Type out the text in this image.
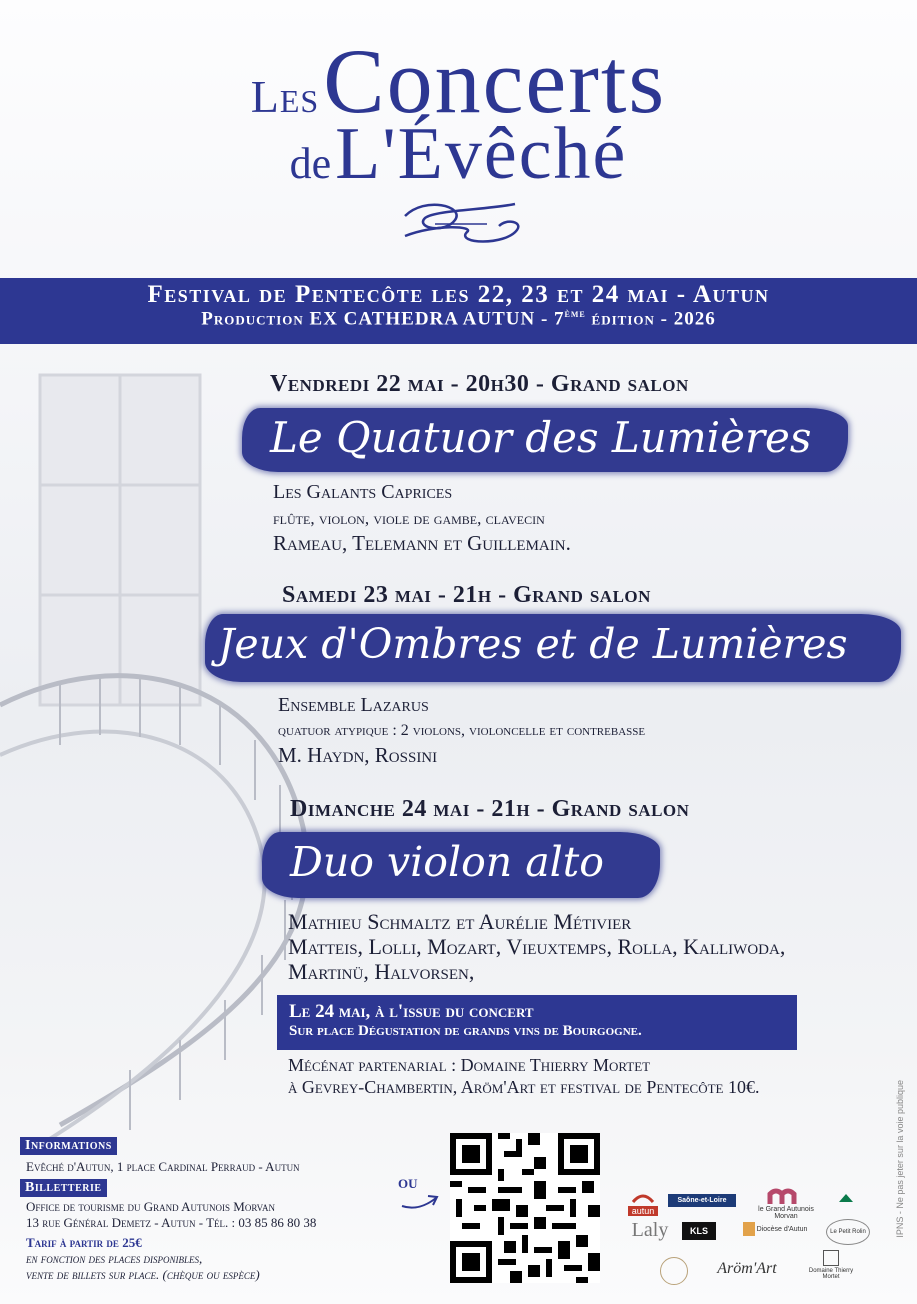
Les Concerts
de L'Évêché
Festival de Pentecôte les 22, 23 et 24 mai - Autun
Production EX CATHEDRA AUTUN - 7ème édition - 2026
Vendredi 22 mai - 20h30 - Grand salon
Le Quatuor des Lumières
Les Galants Caprices
flûte, violon, viole de gambe, clavecin
Rameau, Telemann et Guillemain.
Samedi 23 mai - 21h - Grand salon
Jeux d'Ombres et de Lumières
Ensemble Lazarus
quatuor atypique : 2 violons, violoncelle et contrebasse
M. Haydn, Rossini
Dimanche 24 mai - 21h - Grand salon
Duo violon alto
Mathieu Schmaltz et Aurélie Métivier
Matteis, Lolli, Mozart, Vieuxtemps, Rolla, Kalliwoda,
Martinü, Halvorsen,
Le 24 mai, à l'issue du concert
Sur place Dégustation de grands vins de Bourgogne.
Mécénat partenarial : Domaine Thierry Mortet
à Gevrey-Chambertin, Aröm'Art et festival de Pentecôte 10€.
Informations
Evêché d'Autun, 1 place Cardinal Perraud - Autun
Billetterie
Office de tourisme du Grand Autunois Morvan
13 rue Général Demetz - Autun - Tél. : 03 85 86 80 38
Tarif à partir de 25€
en fonction des places disponibles,
vente de billets sur place. (chèque ou espèce)
ou
autun
Saône-et-Loire
le Grand Autunois Morvan
Laly	KLS	Diocèse d'Autun	Le Petit Rolin
Aröm'Art	Domaine Thierry Mortet
IPNS - Ne pas jeter sur la voie publique
